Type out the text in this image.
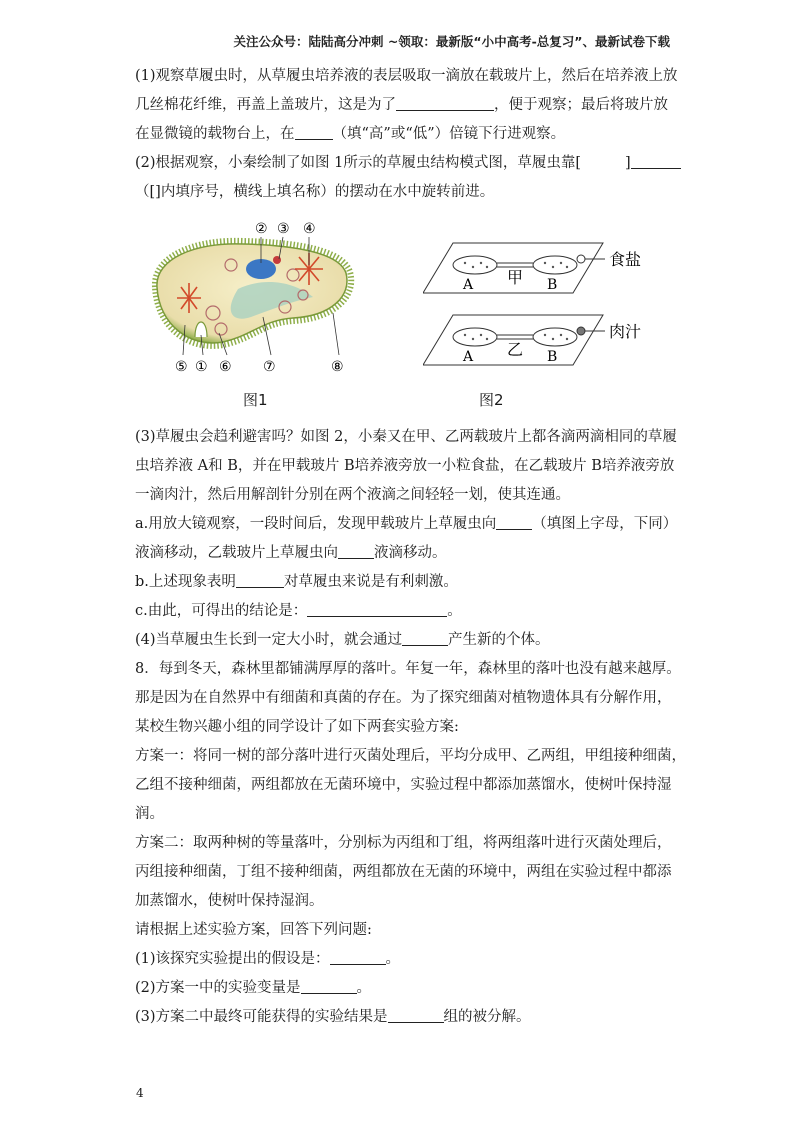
关注公众号：陆陆高分冲刺 ~领取：最新版“小中高考-总复习”、最新试卷下载

(1)观察草履虫时，从草履虫培养液的表层吸取一滴放在载玻片上，然后在培养液上放

几丝棉花纤维，再盖上盖玻片，这是为了	，便于观察；最后将玻片放

在显微镜的载物台上，在	（填“高”或“低”）倍镜下行进观察。

(2)根据观察，小秦绘制了如图 1所示的草履虫结构模式图，草履虫靠[	]

（[]内填序号，横线上填名称）的摆动在水中旋转前进。

② ③ ④
⑤ ① ⑥ ⑦	⑧
图1
A 甲 B
食盐
A 乙 B
肉汁
图2

(3)草履虫会趋利避害吗？如图 2，小秦又在甲、乙两载玻片上都各滴两滴相同的草履

虫培养液 A和 B，并在甲载玻片 B培养液旁放一小粒食盐，在乙载玻片 B培养液旁放

一滴肉汁，然后用解剖针分别在两个液滴之间轻轻一划，使其连通。

a.用放大镜观察，一段时间后，发现甲载玻片上草履虫向 （填图上字母，下同）

液滴移动，乙载玻片上草履虫向 液滴移动。

b.上述现象表明	对草履虫来说是有利刺激。

c.由此，可得出的结论是：	。

(4)当草履虫生长到一定大小时，就会通过	产生新的个体。

8．每到冬天，森林里都铺满厚厚的落叶。年复一年，森林里的落叶也没有越来越厚。

那是因为在自然界中有细菌和真菌的存在。为了探究细菌对植物遗体具有分解作用，

某校生物兴趣小组的同学设计了如下两套实验方案:

方案一：将同一树的部分落叶进行灭菌处理后，平均分成甲、乙两组，甲组接种细菌，

乙组不接种细菌，两组都放在无菌环境中，实验过程中都添加蒸馏水，使树叶保持湿

润。

方案二：取两种树的等量落叶，分别标为丙组和丁组，将两组落叶进行灭菌处理后，

丙组接种细菌，丁组不接种细菌，两组都放在无菌的环境中，两组在实验过程中都添

加蒸馏水，使树叶保持湿润。

请根据上述实验方案，回答下列问题:

(1)该探究实验提出的假设是：	。

(2)方案一中的实验变量是	。

(3)方案二中最终可能获得的实验结果是	组的被分解。

4
